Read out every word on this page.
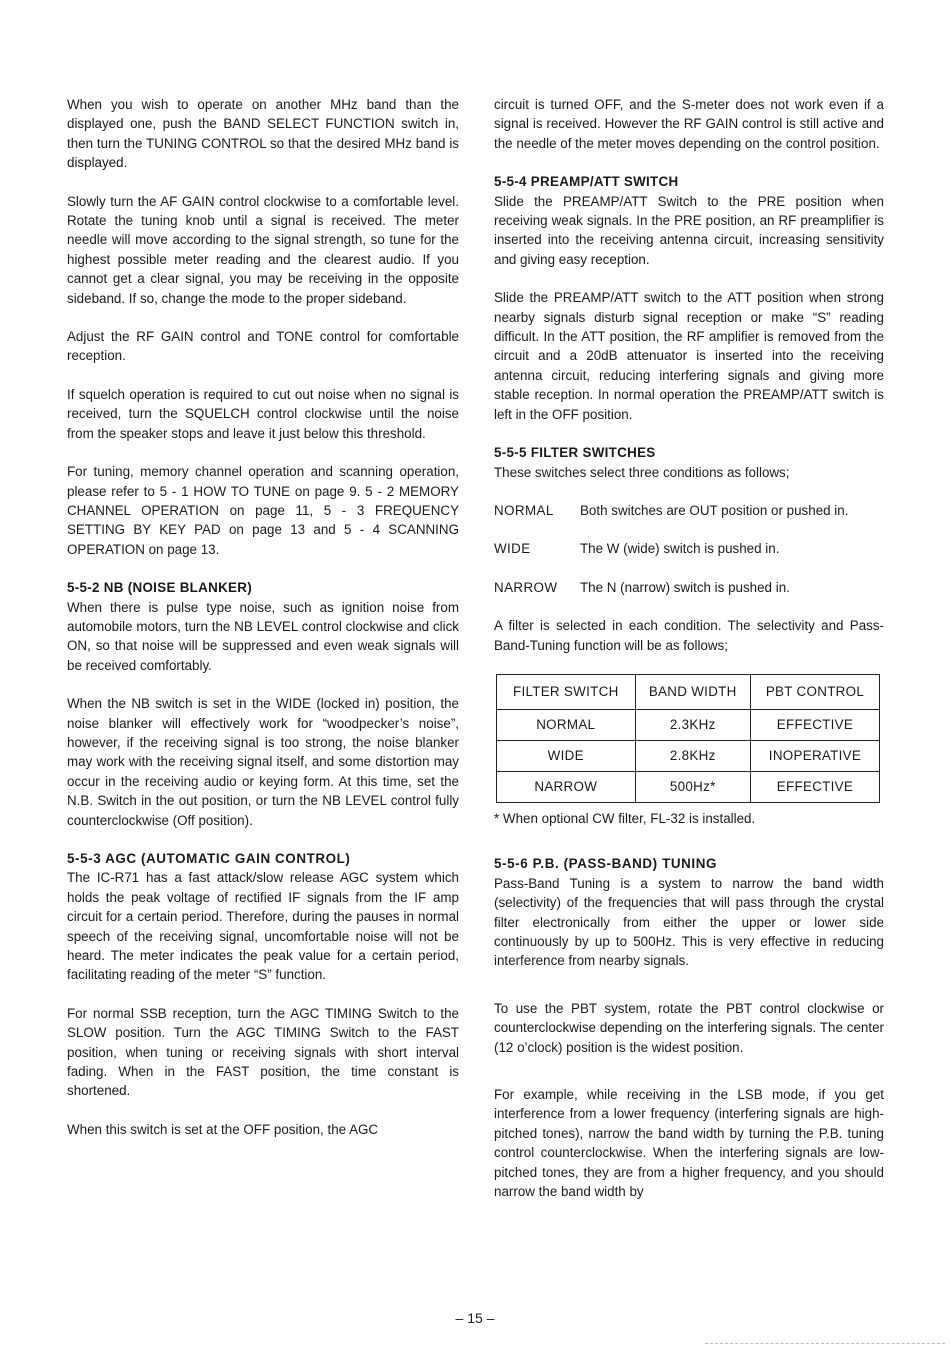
When you wish to operate on another MHz band than the displayed one, push the BAND SELECT FUNCTION switch in, then turn the TUNING CONTROL so that the desired MHz band is displayed.

Slowly turn the AF GAIN control clockwise to a comfortable level. Rotate the tuning knob until a signal is received. The meter needle will move according to the signal strength, so tune for the highest possible meter reading and the clearest audio. If you cannot get a clear signal, you may be receiving in the opposite sideband. If so, change the mode to the proper sideband.

Adjust the RF GAIN control and TONE control for comfortable reception.

If squelch operation is required to cut out noise when no signal is received, turn the SQUELCH control clockwise until the noise from the speaker stops and leave it just below this threshold.

For tuning, memory channel operation and scanning operation, please refer to 5 - 1 HOW TO TUNE on page 9. 5 - 2 MEMORY CHANNEL OPERATION on page 11, 5 - 3 FREQUENCY SETTING BY KEY PAD on page 13 and 5 - 4 SCANNING OPERATION on page 13.

5-5-2 NB (NOISE BLANKER)

When there is pulse type noise, such as ignition noise from automobile motors, turn the NB LEVEL control clockwise and click ON, so that noise will be suppressed and even weak signals will be received comfortably.

When the NB switch is set in the WIDE (locked in) position, the noise blanker will effectively work for “woodpecker’s noise”, however, if the receiving signal is too strong, the noise blanker may work with the receiving signal itself, and some distortion may occur in the receiving audio or keying form. At this time, set the N.B. Switch in the out position, or turn the NB LEVEL control fully counterclockwise (Off position).

5-5-3 AGC (AUTOMATIC GAIN CONTROL)

The IC-R71 has a fast attack/slow release AGC system which holds the peak voltage of rectified IF signals from the IF amp circuit for a certain period. Therefore, during the pauses in normal speech of the receiving signal, uncomfortable noise will not be heard. The meter indicates the peak value for a certain period, facilitating reading of the meter “S” function.

For normal SSB reception, turn the AGC TIMING Switch to the SLOW position. Turn the AGC TIMING Switch to the FAST position, when tuning or receiving signals with short interval fading. When in the FAST position, the time constant is shortened.

When this switch is set at the OFF position, the AGC

circuit is turned OFF, and the S-meter does not work even if a signal is received. However the RF GAIN control is still active and the needle of the meter moves depending on the control position.

5-5-4 PREAMP/ATT SWITCH

Slide the PREAMP/ATT Switch to the PRE position when receiving weak signals. In the PRE position, an RF preamplifier is inserted into the receiving antenna circuit, increasing sensitivity and giving easy reception.

Slide the PREAMP/ATT switch to the ATT position when strong nearby signals disturb signal reception or make “S” reading difficult. In the ATT position, the RF amplifier is removed from the circuit and a 20dB attenuator is inserted into the receiving antenna circuit, reducing interfering signals and giving more stable reception. In normal operation the PREAMP/ATT switch is left in the OFF position.

5-5-5 FILTER SWITCHES

These switches select three conditions as follows;

NORMAL	Both switches are OUT position or pushed in.
WIDE	The W (wide) switch is pushed in.
NARROW	The N (narrow) switch is pushed in.

A filter is selected in each condition. The selectivity and Pass-Band-Tuning function will be as follows;

FILTER SWITCH	BAND WIDTH	PBT CONTROL
NORMAL	2.3KHz	EFFECTIVE
WIDE	2.8KHz	INOPERATIVE
NARROW	500Hz*	EFFECTIVE

* When optional CW filter, FL-32 is installed.

5-5-6 P.B. (PASS-BAND) TUNING

Pass-Band Tuning is a system to narrow the band width (selectivity) of the frequencies that will pass through the crystal filter electronically from either the upper or lower side continuously by up to 500Hz. This is very effective in reducing interference from nearby signals.

To use the PBT system, rotate the PBT control clockwise or counterclockwise depending on the interfering signals. The center (12 o’clock) position is the widest position.

For example, while receiving in the LSB mode, if you get interference from a lower frequency (interfering signals are high-pitched tones), narrow the band width by turning the P.B. tuning control counterclockwise. When the interfering signals are low-pitched tones, they are from a higher frequency, and you should narrow the band width by

– 15 –
